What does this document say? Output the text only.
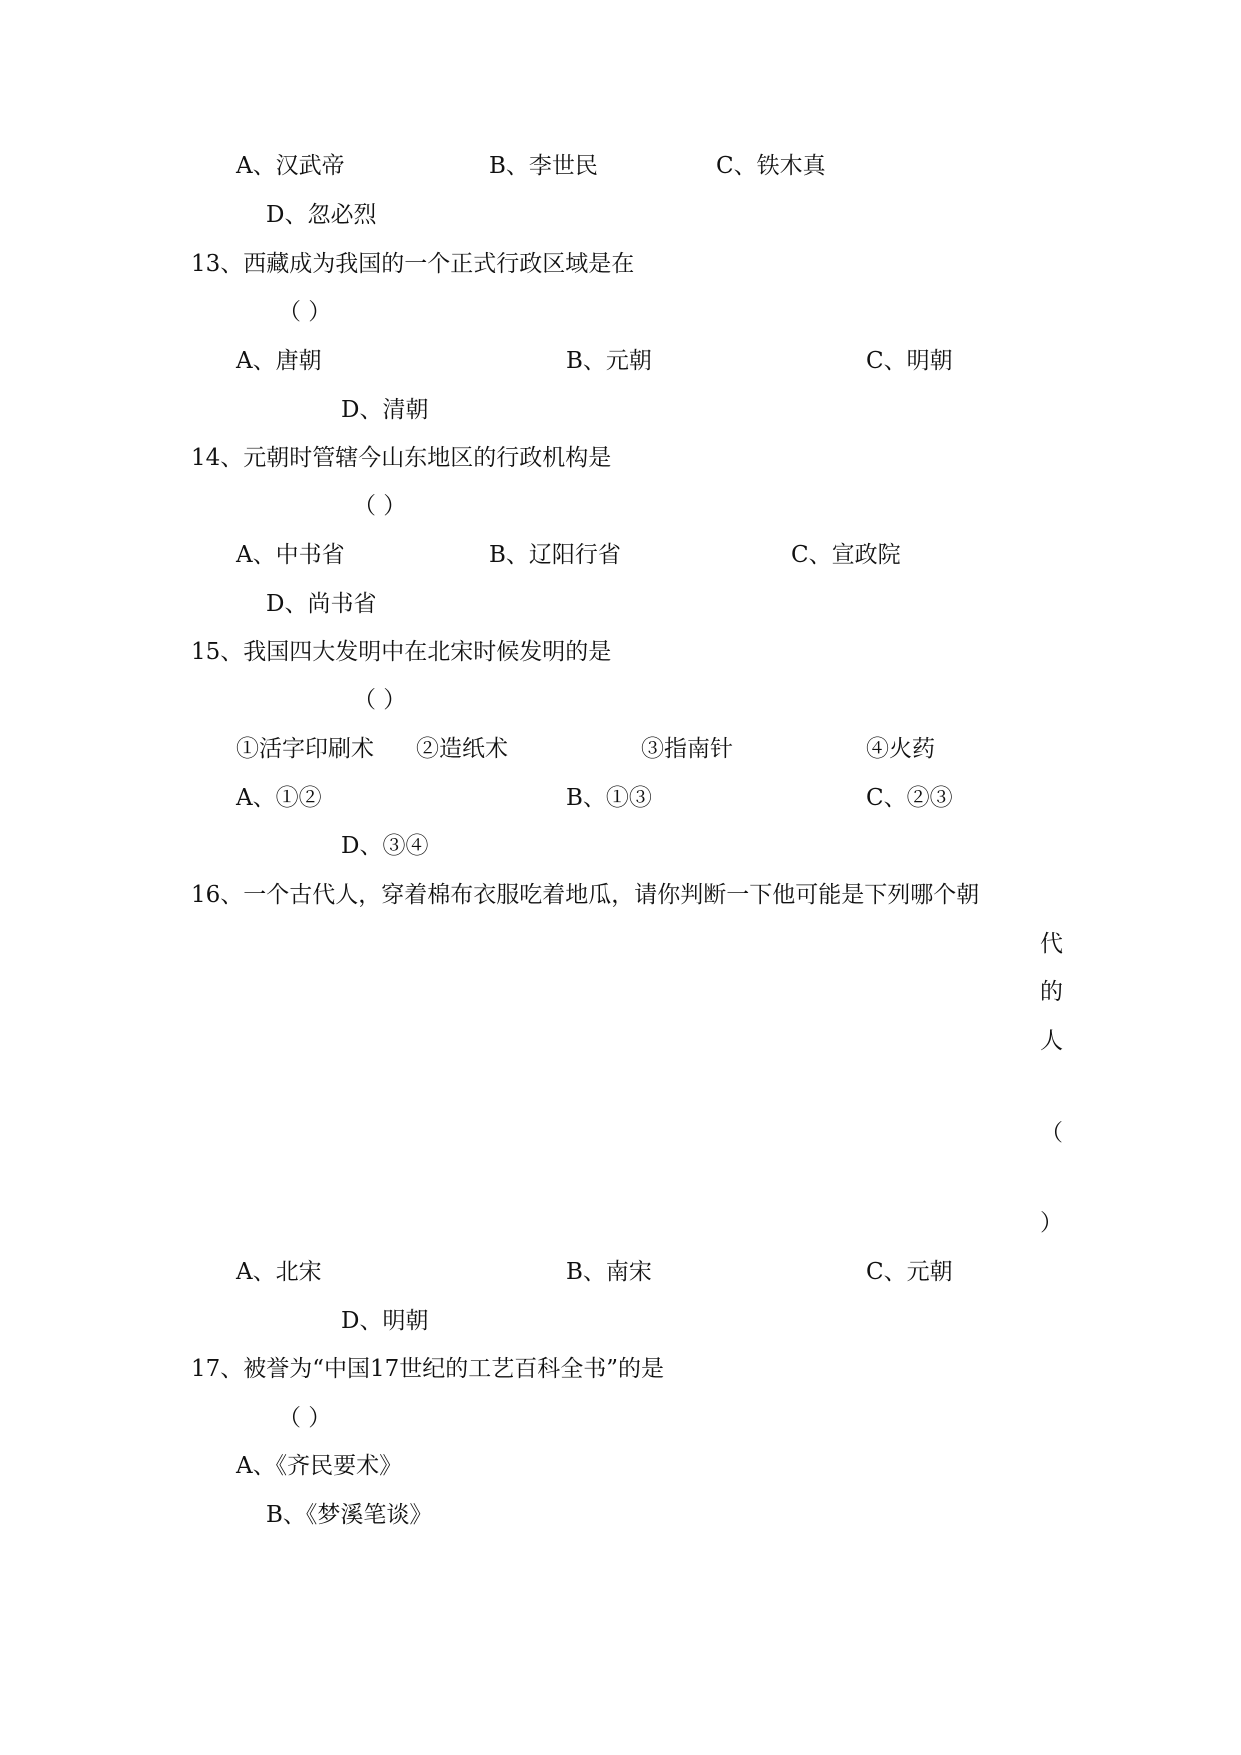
A、汉武帝	B、李世民	C、铁木真
D、忽必烈
13、西藏成为我国的一个正式行政区域是在
（ ）
A、唐朝	B、元朝	C、明朝
D、清朝
14、元朝时管辖今山东地区的行政机构是
（ ）
A、中书省	B、辽阳行省	C、宣政院
D、尚书省
15、我国四大发明中在北宋时候发明的是
（ ）
①活字印刷术 ②造纸术	③指南针	④火药
A、①②	B、①③	C、②③
D、③④
16、一个古代人，穿着棉布衣服吃着地瓜，请你判断一下他可能是下列哪个朝
代
的
人
（
）
A、北宋	B、南宋	C、元朝
D、明朝
17、被誉为“中国17世纪的工艺百科全书”的是
（ ）
A、《齐民要术》
B、《梦溪笔谈》
